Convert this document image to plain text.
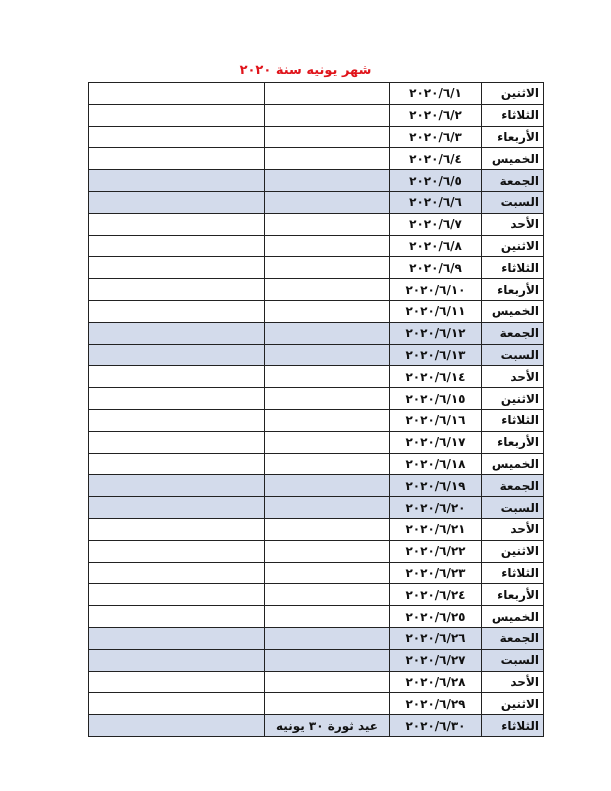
شهر يونيه سنة ٢٠٢٠
الاثنين	٢٠٢٠/٦/١		
الثلاثاء	٢٠٢٠/٦/٢		
الأربعاء	٢٠٢٠/٦/٣		
الخميس	٢٠٢٠/٦/٤		
الجمعة	٢٠٢٠/٦/٥		
السبت	٢٠٢٠/٦/٦		
الأحد	٢٠٢٠/٦/٧		
الاثنين	٢٠٢٠/٦/٨		
الثلاثاء	٢٠٢٠/٦/٩		
الأربعاء	٢٠٢٠/٦/١٠		
الخميس	٢٠٢٠/٦/١١		
الجمعة	٢٠٢٠/٦/١٢		
السبت	٢٠٢٠/٦/١٣		
الأحد	٢٠٢٠/٦/١٤		
الاثنين	٢٠٢٠/٦/١٥		
الثلاثاء	٢٠٢٠/٦/١٦		
الأربعاء	٢٠٢٠/٦/١٧		
الخميس	٢٠٢٠/٦/١٨		
الجمعة	٢٠٢٠/٦/١٩		
السبت	٢٠٢٠/٦/٢٠		
الأحد	٢٠٢٠/٦/٢١		
الاثنين	٢٠٢٠/٦/٢٢		
الثلاثاء	٢٠٢٠/٦/٢٣		
الأربعاء	٢٠٢٠/٦/٢٤		
الخميس	٢٠٢٠/٦/٢٥		
الجمعة	٢٠٢٠/٦/٢٦		
السبت	٢٠٢٠/٦/٢٧		
الأحد	٢٠٢٠/٦/٢٨		
الاثنين	٢٠٢٠/٦/٢٩		
الثلاثاء	٢٠٢٠/٦/٣٠	عيد ثورة ٣٠ يونيه	
